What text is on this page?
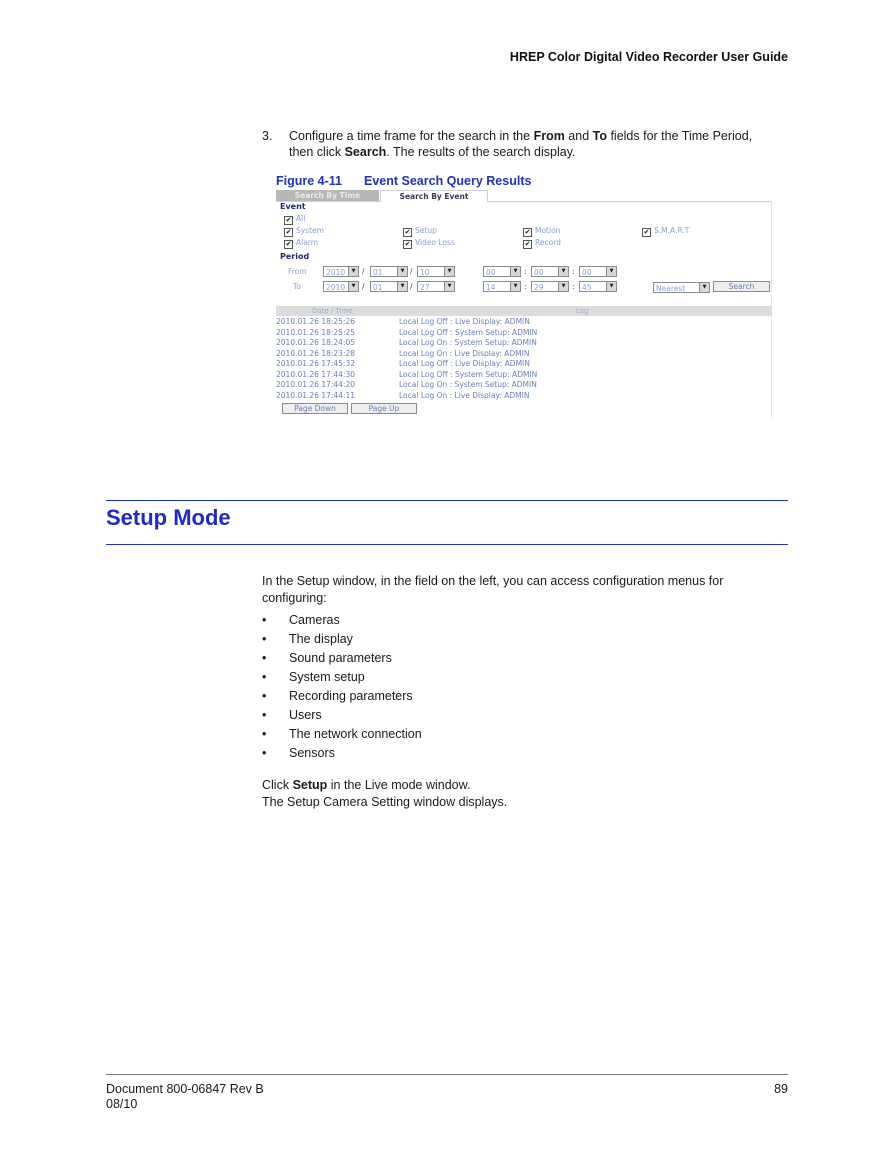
HREP Color Digital Video Recorder User Guide
3. Configure a time frame for the search in the From and To fields for the Time Period,
then click Search. The results of the search display.
Figure 4-11 Event Search Query Results
Search By Time	Search By Event
Event
✔ All
✔ System	✔ Setup	✔ Motion	✔ S.M.A.R.T
✔ Alarm	✔ Video Loss	✔ Record
Period
From	2010	▼ /	01	▼ / 10	▼	00	▼ : 00	▼ : 00	▼
To	2010	▼ /	01	▼ / 27	▼	14	▼ : 29	▼ : 45	▼	Nearest	▼	Search
Date / Time	Log
2010.01.26 18:25:26	Local Log Off : Live Display: ADMIN
2010.01.26 18:25:25	Local Log Off : System Setup: ADMIN
2010.01.26 18:24:05	Local Log On : System Setup: ADMIN
2010.01.26 18:23:28	Local Log On : Live Display: ADMIN
2010.01.26 17:45:32	Local Log Off : Live Display: ADMIN
2010.01.26 17:44:30	Local Log Off : System Setup: ADMIN
2010.01.26 17:44:20	Local Log On : System Setup: ADMIN
2010.01.26 17:44:11	Local Log On : Live Display: ADMIN
Page Down	Page Up
Setup Mode
In the Setup window, in the field on the left, you can access configuration menus for configuring:
• Cameras
• The display
• Sound parameters
• System setup
• Recording parameters
• Users
• The network connection
• Sensors
Click Setup in the Live mode window.
The Setup Camera Setting window displays.
Document 800-06847 Rev B
08/10
89
